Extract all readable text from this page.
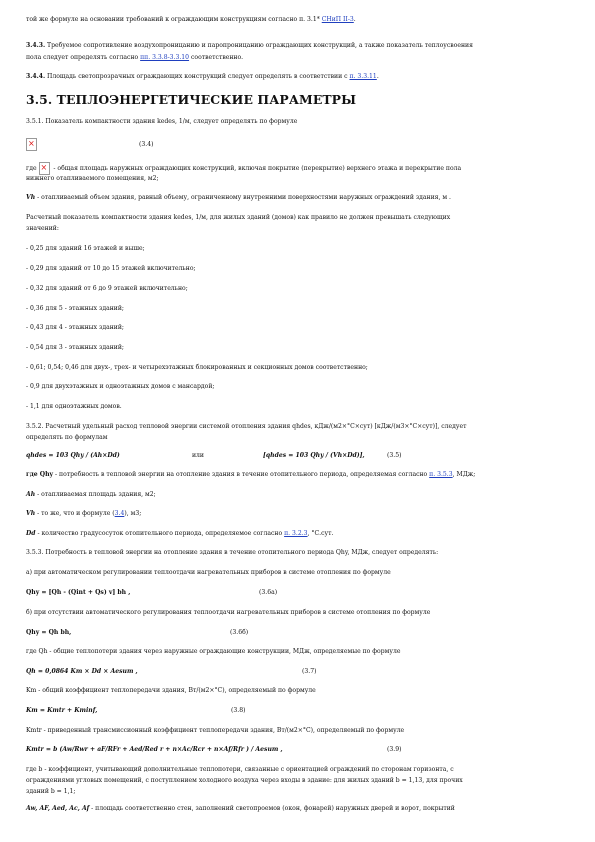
той же формуле на основании требований к ограждающим конструкциям согласно п. 3.1* СНиП II-3.
3.4.3. Требуемое сопротивление воздухопроницанию и паропроницанию ограждающих конструкций, а также показатель теплоусвоения
пола следует определять согласно пп. 3.3.8-3.3.10 соответственно.
3.4.4. Площадь светопрозрачных ограждающих конструкций следует определять в соответствии с п. 3.3.11.
3.5. ТЕПЛОЭНЕРГЕТИЧЕСКИЕ ПАРАМЕТРЫ
3.5.1. Показатель компактности здания kedes, 1/м, следует определять по формуле
×(3.4)
где × - общая площадь наружных ограждающих конструкций, включая покрытие (перекрытие) верхнего этажа и перекрытие пола
нижнего отапливаемого помещения, м2;
Vh - отапливаемый объем здания, равный объему, ограниченному внутренними поверхностями наружных ограждений здания, м .
Расчетный показатель компактности здания kedes, 1/м, для жилых зданий (домов) как правило не должен превышать следующих
значений:
- 0,25 для зданий 16 этажей и выше;
- 0,29 для зданий от 10 до 15 этажей включительно;
- 0,32 для зданий от 6 до 9 этажей включительно;
- 0,36 для 5 - этажных зданий;
- 0,43 для 4 - этажных зданий;
- 0,54 для 3 - этажных зданий;
- 0,61; 0,54; 0,46 для двух-, трех- и четырехэтажных блокированных и секционных домов соответственно;
- 0,9 для двухэтажных и одноэтажных домов с мансардой;
- 1,1 для одноэтажных домов.
3.5.2. Расчетный удельный расход тепловой энергии системой отопления здания qhdes, кДж/(м2×°С×сут) [кДж/(м3×°С×сут)], следует
определять по формулам
qhdes = 103 Qhy / (Ah×Dd)	или	[qhdes = 103 Qhy / (Vh×Dd)],	(3.5)
где Qhy - потребность в тепловой энергии на отопление здания в течение отопительного периода, определяемая согласно п. 3.5.3, МДж;
Ah - отапливаемая площадь здания, м2;
Vh - то же, что и формуле (3.4), м3;
Dd - количество градусосуток отопительного периода, определяемое согласно п. 3.2.3, °С.сут.
3.5.3. Потребность в тепловой энергии на отопление здания в течение отопительного периода Qhy, МДж, следует определять:
а) при автоматическом регулировании теплоотдачи нагревательных приборов в системе отопления по формуле
Qhy = [Qh - (Qint + Qs) v] bh ,	(3.6а)
б) при отсутствии автоматического регулирования теплоотдачи нагревательных приборов в системе отопления по формуле
Qhy = Qh bh,	(3.6б)
где Qh - общие теплопотери здания через наружные ограждающие конструкции, МДж, определяемые по формуле
Qh = 0,0864 Km × Dd × Aesum ,	(3.7)
Km - общий коэффициент теплопередачи здания, Вт/(м2×°С), определяемый по формуле
Km = Kmtr + Kminf,	(3.8)
Kmtr - приведенный трансмиссионный коэффициент теплопередачи здания, Вт/(м2×°С), определяемый по формуле
Kmtr = b (Aw/Rwr + aF/RFr + Aed/Red r + n×Ac/Rcr + n×Af/Rfr ) / Aesum ,	(3.9)
где b - коэффициент, учитывающий дополнительные теплопотери, связанные с ориентацией ограждений по сторонам горизонта, с
ограждениями угловых помещений, с поступлением холодного воздуха через входы в здание: для жилых зданий b = 1,13, для прочих
зданий b = 1,1;
Aw, AF, Aed, Ac, Af - площадь соответственно стен, заполнений светопроемов (окон, фонарей) наружных дверей и ворот, покрытий
